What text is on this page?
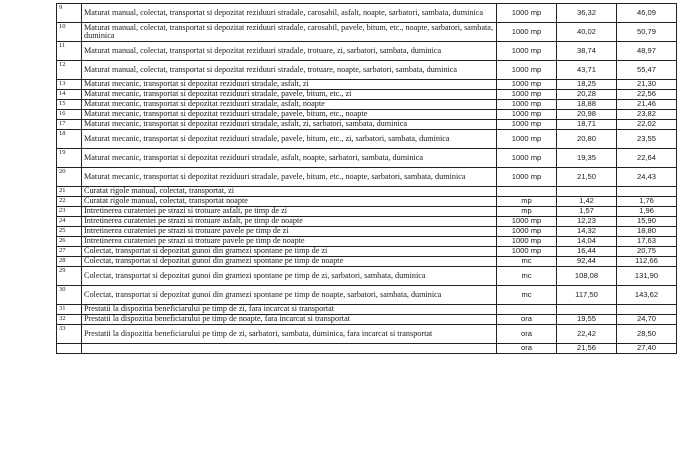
9	Maturat manual, colectat, transportat si depozitat reziduuri stradale, carosabil, asfalt, noapte, sarbatori, sambata, duminica	1000 mp	36,32	46,09
10	Maturat manual, colectat, transportat si depozitat reziduuri stradale, carosabil, pavele, bitum, etc., noapte, sarbatori, sambata, duminica	1000 mp	40,02	50,79
11	Maturat manual, colectat, transportat si depozitat reziduuri stradale, trotuare, zi, sarbatori, sambata, duminica	1000 mp	38,74	48,97
12	Maturat manual, colectat, transportat si depozitat reziduuri stradale, trotuare, noapte, sarbatori, sambata, duminica	1000 mp	43,71	55,47
13	Maturat mecanic, transportat si depozitat reziduuri stradale, asfalt, zi	1000 mp	18,25	21,30
14	Maturat mecanic, transportat si depozitat reziduuri stradale, pavele, bitum, etc., zi	1000 mp	20,28	22,56
15	Maturat mecanic, transportat si depozitat reziduuri stradale, asfalt, noapte	1000 mp	18,88	21,46
16	Maturat mecanic, transportat si depozitat reziduuri stradale, pavele, bitum, etc., noapte	1000 mp	20,98	23,82
17	Maturat mecanic, transportat si depozitat reziduuri stradale, asfalt, zi, sarbatori, sambata, duminica	1000 mp	18,71	22,02
18	Maturat mecanic, transportat si depozitat reziduuri stradale, pavele, bitum, etc., zi, sarbatori, sambata, duminica	1000 mp	20,80	23,55
19	Maturat mecanic, transportat si depozitat reziduuri stradale, asfalt, noapte, sarbatori, sambata, duminica	1000 mp	19,35	22,64
20	Maturat mecanic, transportat si depozitat reziduuri stradale, pavele, bitum, etc., noapte, sarbatori, sambata, duminica	1000 mp	21,50	24,43
21	Curatat rigole manual, colectat, transportat, zi			
22	Curatat rigole manual, colectat, transportat noapte	mp	1,42	1,76
23	Intretinerea curateniei pe strazi si trotuare asfalt, pe timp de zi	mp	1,57	1,96
24	Intretinerea curateniei pe strazi si trotuare asfalt, pe timp de noapte	1000 mp	12,23	15,90
25	Intretinerea curateniei pe strazi si trotuare pavele pe timp de zi	1000 mp	14,32	18,80
26	Intretinerea curateniei pe strazi si trotuare pavele pe timp de noapte	1000 mp	14,04	17,63
27	Colectat, transportat si depozitat gunoi din gramezi spontane pe timp de zi	1000 mp	16,44	20,75
28	Colectat, transportat si depozitat gunoi din gramezi spontane pe timp de noapte	mc	92,44	112,66
29	Colectat, transportat si depozitat gunoi din gramezi spontane pe timp de zi, sarbatori, sambata, duminica	mc	108,08	131,90
30	Colectat, transportat si depozitat gunoi din gramezi spontane pe timp de noapte, sarbatori, sambata, duminica	mc	117,50	143,62
31	Prestatii la dispozitia beneficiarului pe timp de zi, fara incarcat si transportat			
32	Prestatii la dispozitia beneficiarului pe timp de noapte, fara incarcat si transportat	ora	19,55	24,70
33	Prestatii la dispozitia beneficiarului pe timp de zi, sarbatori, sambata, duminica, fara incarcat si transportat	ora	22,42	28,50
		ora	21,56	27,40
